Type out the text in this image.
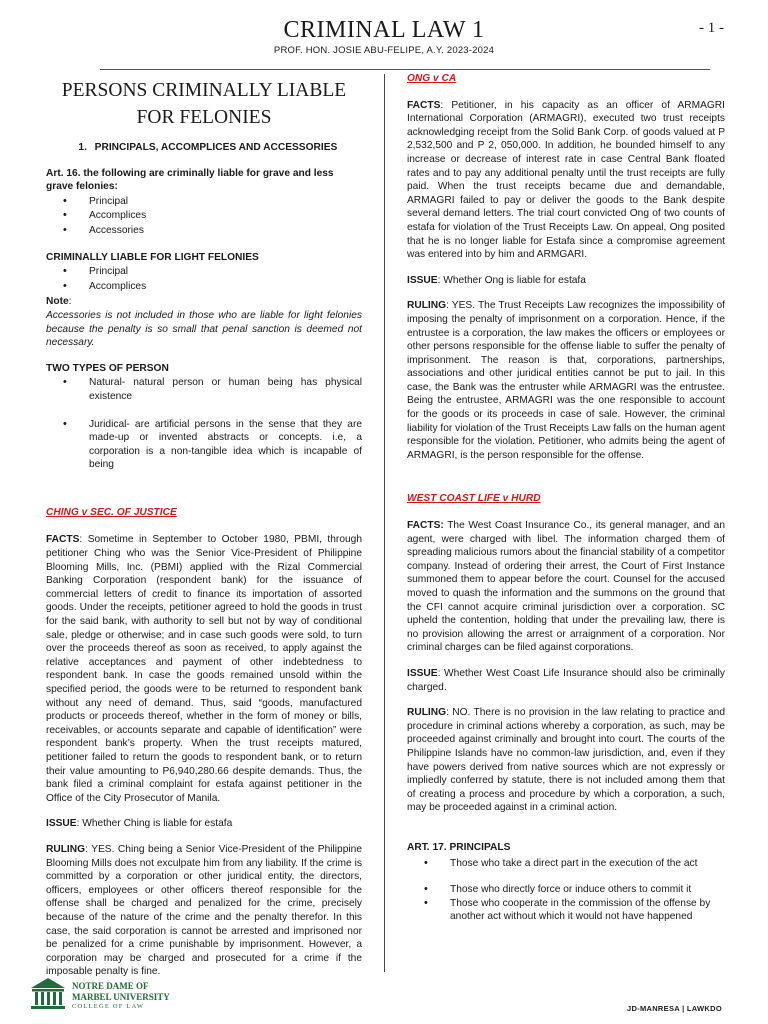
CRIMINAL LAW 1	- 1 -
PROF. HON. JOSIE ABU-FELIPE, A.Y. 2023-2024
PERSONS CRIMINALLY LIABLE
FOR FELONIES
1. PRINCIPALS, ACCOMPLICES AND ACCESSORIES
Art. 16. the following are criminally liable for grave and less grave felonies:
• Principal
• Accomplices
• Accessories
CRIMINALLY LIABLE FOR LIGHT FELONIES
• Principal
• Accomplices
Note:
Accessories is not included in those who are liable for light felonies because the penalty is so small that penal sanction is deemed not necessary.
TWO TYPES OF PERSON
• Natural- natural person or human being has physical existence
• Juridical- are artificial persons in the sense that they are made-up or invented abstracts or concepts. i.e, a corporation is a non-tangible idea which is incapable of being
CHING v SEC. OF JUSTICE
FACTS: Sometime in September to October 1980, PBMI, through petitioner Ching who was the Senior Vice-President of Philippine Blooming Mills, Inc. (PBMI) applied with the Rizal Commercial Banking Corporation (respondent bank) for the issuance of commercial letters of credit to finance its importation of assorted goods. Under the receipts, petitioner agreed to hold the goods in trust for the said bank, with authority to sell but not by way of conditional sale, pledge or otherwise; and in case such goods were sold, to turn over the proceeds thereof as soon as received, to apply against the relative acceptances and payment of other indebtedness to respondent bank. In case the goods remained unsold within the specified period, the goods were to be returned to respondent bank without any need of demand. Thus, said “goods, manufactured products or proceeds thereof, whether in the form of money or bills, receivables, or accounts separate and capable of identification” were respondent bank’s property. When the trust receipts matured, petitioner failed to return the goods to respondent bank, or to return their value amounting to P6,940,280.66 despite demands. Thus, the bank filed a criminal complaint for estafa against petitioner in the Office of the City Prosecutor of Manila.
ISSUE: Whether Ching is liable for estafa
RULING: YES. Ching being a Senior Vice-President of the Philippine Blooming Mills does not exculpate him from any liability. If the crime is committed by a corporation or other juridical entity, the directors, officers, employees or other officers thereof responsible for the offense shall be charged and penalized for the crime, precisely because of the nature of the crime and the penalty therefor. In this case, the said corporation is cannot be arrested and imprisoned nor be penalized for a crime punishable by imprisonment. However, a corporation may be charged and prosecuted for a crime if the imposable penalty is fine.
ONG v CA
FACTS: Petitioner, in his capacity as an officer of ARMAGRI International Corporation (ARMAGRI), executed two trust receipts acknowledging receipt from the Solid Bank Corp. of goods valued at P 2,532,500 and P 2, 050,000. In addition, he bounded himself to any increase or decrease of interest rate in case Central Bank floated rates and to pay any additional penalty until the trust receipts are fully paid. When the trust receipts became due and demandable, ARMAGRI failed to pay or deliver the goods to the Bank despite several demand letters. The trial court convicted Ong of two counts of estafa for violation of the Trust Receipts Law. On appeal, Ong posited that he is no longer liable for Estafa since a compromise agreement was entered into by him and ARMGARI.
ISSUE: Whether Ong is liable for estafa
RULING: YES. The Trust Receipts Law recognizes the impossibility of imposing the penalty of imprisonment on a corporation. Hence, if the entrustee is a corporation, the law makes the officers or employees or other persons responsible for the offense liable to suffer the penalty of imprisonment. The reason is that, corporations, partnerships, associations and other juridical entities cannot be put to jail. In this case, the Bank was the entruster while ARMAGRI was the entrustee. Being the entrustee, ARMAGRI was the one responsible to account for the goods or its proceeds in case of sale. However, the criminal liability for violation of the Trust Receipts Law falls on the human agent responsible for the violation. Petitioner, who admits being the agent of ARMAGRI, is the person responsible for the offense.
WEST COAST LIFE v HURD
FACTS: The West Coast Insurance Co., its general manager, and an agent, were charged with libel. The information charged them of spreading malicious rumors about the financial stability of a competitor company. Instead of ordering their arrest, the Court of First Instance summoned them to appear before the court. Counsel for the accused moved to quash the information and the summons on the ground that the CFI cannot acquire criminal jurisdiction over a corporation. SC upheld the contention, holding that under the prevailing law, there is no provision allowing the arrest or arraignment of a corporation. Nor criminal charges can be filed against corporations.
ISSUE: Whether West Coast Life Insurance should also be criminally charged.
RULING: NO. There is no provision in the law relating to practice and procedure in criminal actions whereby a corporation, as such, may be proceeded against criminally and brought into court. The courts of the Philippine Islands have no common-law jurisdiction, and, even if they have powers derived from native sources which are not expressly or impliedly conferred by statute, there is not included among them that of creating a process and procedure by which a corporation, a such, may be proceeded against in a criminal action.
ART. 17. PRINCIPALS
• Those who take a direct part in the execution of the act
• Those who directly force or induce others to commit it
• Those who cooperate in the commission of the offense by another act without which it would not have happened
NOTRE DAME OF
MARBEL UNIVERSITY
COLLEGE OF LAW	JD-MANRESA | LAWKDO
